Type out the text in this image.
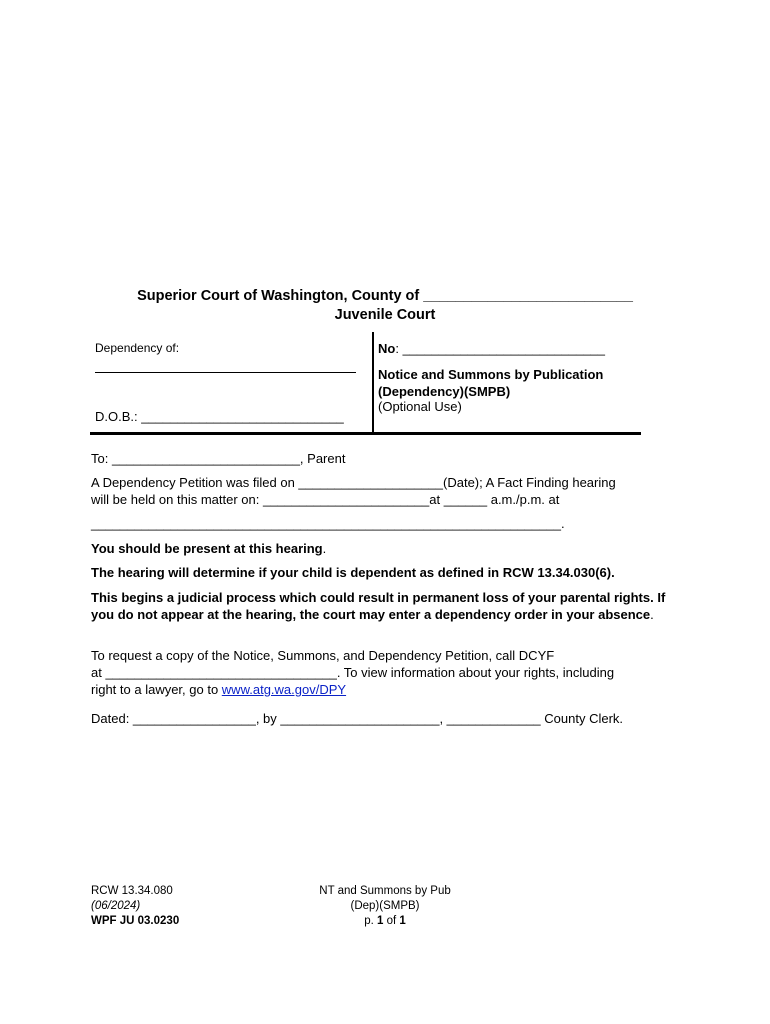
Superior Court of Washington, County of __________________________
Juvenile Court
Dependency of:
D.O.B.: ____________________________
No: ____________________________
Notice and Summons by Publication
(Dependency)(SMPB)
(Optional Use)
To: __________________________, Parent
A Dependency Petition was filed on ____________________(Date); A Fact Finding hearing
will be held on this matter on: _______________________at ______ a.m./p.m. at
_________________________________________________________________.
You should be present at this hearing.
The hearing will determine if your child is dependent as defined in RCW 13.34.030(6).
This begins a judicial process which could result in permanent loss of your parental rights. If you do not appear at the hearing, the court may enter a dependency order in your absence.
To request a copy of the Notice, Summons, and Dependency Petition, call DCYF
at ________________________________. To view information about your rights, including
right to a lawyer, go to www.atg.wa.gov/DPY
Dated: _________________, by ______________________, _____________ County Clerk.
RCW 13.34.080
(06/2024)
WPF JU 03.0230
NT and Summons by Pub
(Dep)(SMPB)
p. 1 of 1
